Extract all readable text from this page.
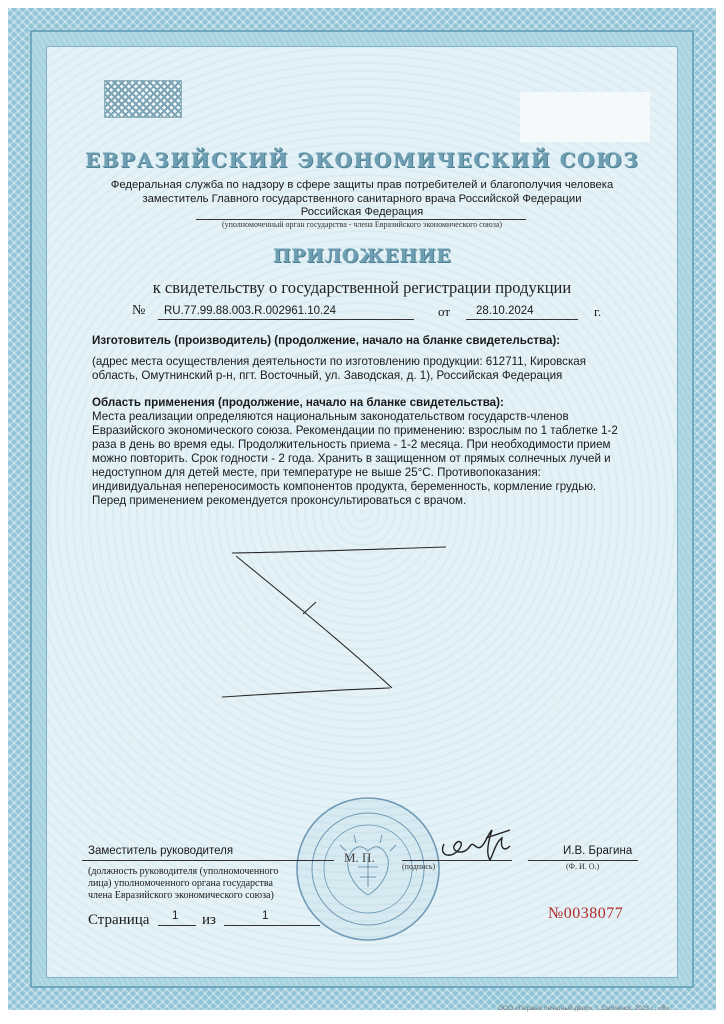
ЕВРАЗИЙСКИЙ ЭКОНОМИЧЕСКИЙ СОЮЗ
Федеральная служба по надзору в сфере защиты прав потребителей и благополучия человека
заместитель Главного государственного санитарного врача Российской Федерации
Российская Федерация
(уполномоченный орган государства - члена Евразийского экономического союза)
ПРИЛОЖЕНИЕ
к свидетельству о государственной регистрации продукции
№ RU.77.99.88.003.R.002961.10.24	от 28.10.2024	г.
Изготовитель (производитель) (продолжение, начало на бланке свидетельства):
(адрес места осуществления деятельности по изготовлению продукции: 612711, Кировская
область, Омутнинский р-н, пгт. Восточный, ул. Заводская, д. 1), Российская Федерация
Область применения (продолжение, начало на бланке свидетельства):
Места реализации определяются национальным законодательством государств-членов
Евразийского экономического союза. Рекомендации по применению: взрослым по 1 таблетке 1-2
раза в день во время еды. Продолжительность приема - 1-2 месяца. При необходимости прием
можно повторить. Срок годности - 2 года. Хранить в защищенном от прямых солнечных лучей и
недоступном для детей месте, при температуре не выше 25°С. Противопоказания:
индивидуальная непереносимость компонентов продукта, беременность, кормление грудью.
Перед применением рекомендуется проконсультироваться с врачом.
Заместитель руководителя
(должность руководителя (уполномоченного
лица) уполномоченного органа государства
члена Евразийского экономического союза)
М. П.
(подпись)
И.В. Брагина
(Ф. И. О.)
Страница 1 из	1	№0038077
ООО «Первый печатный двор», г. Смоленск, 2023 г., «В».
